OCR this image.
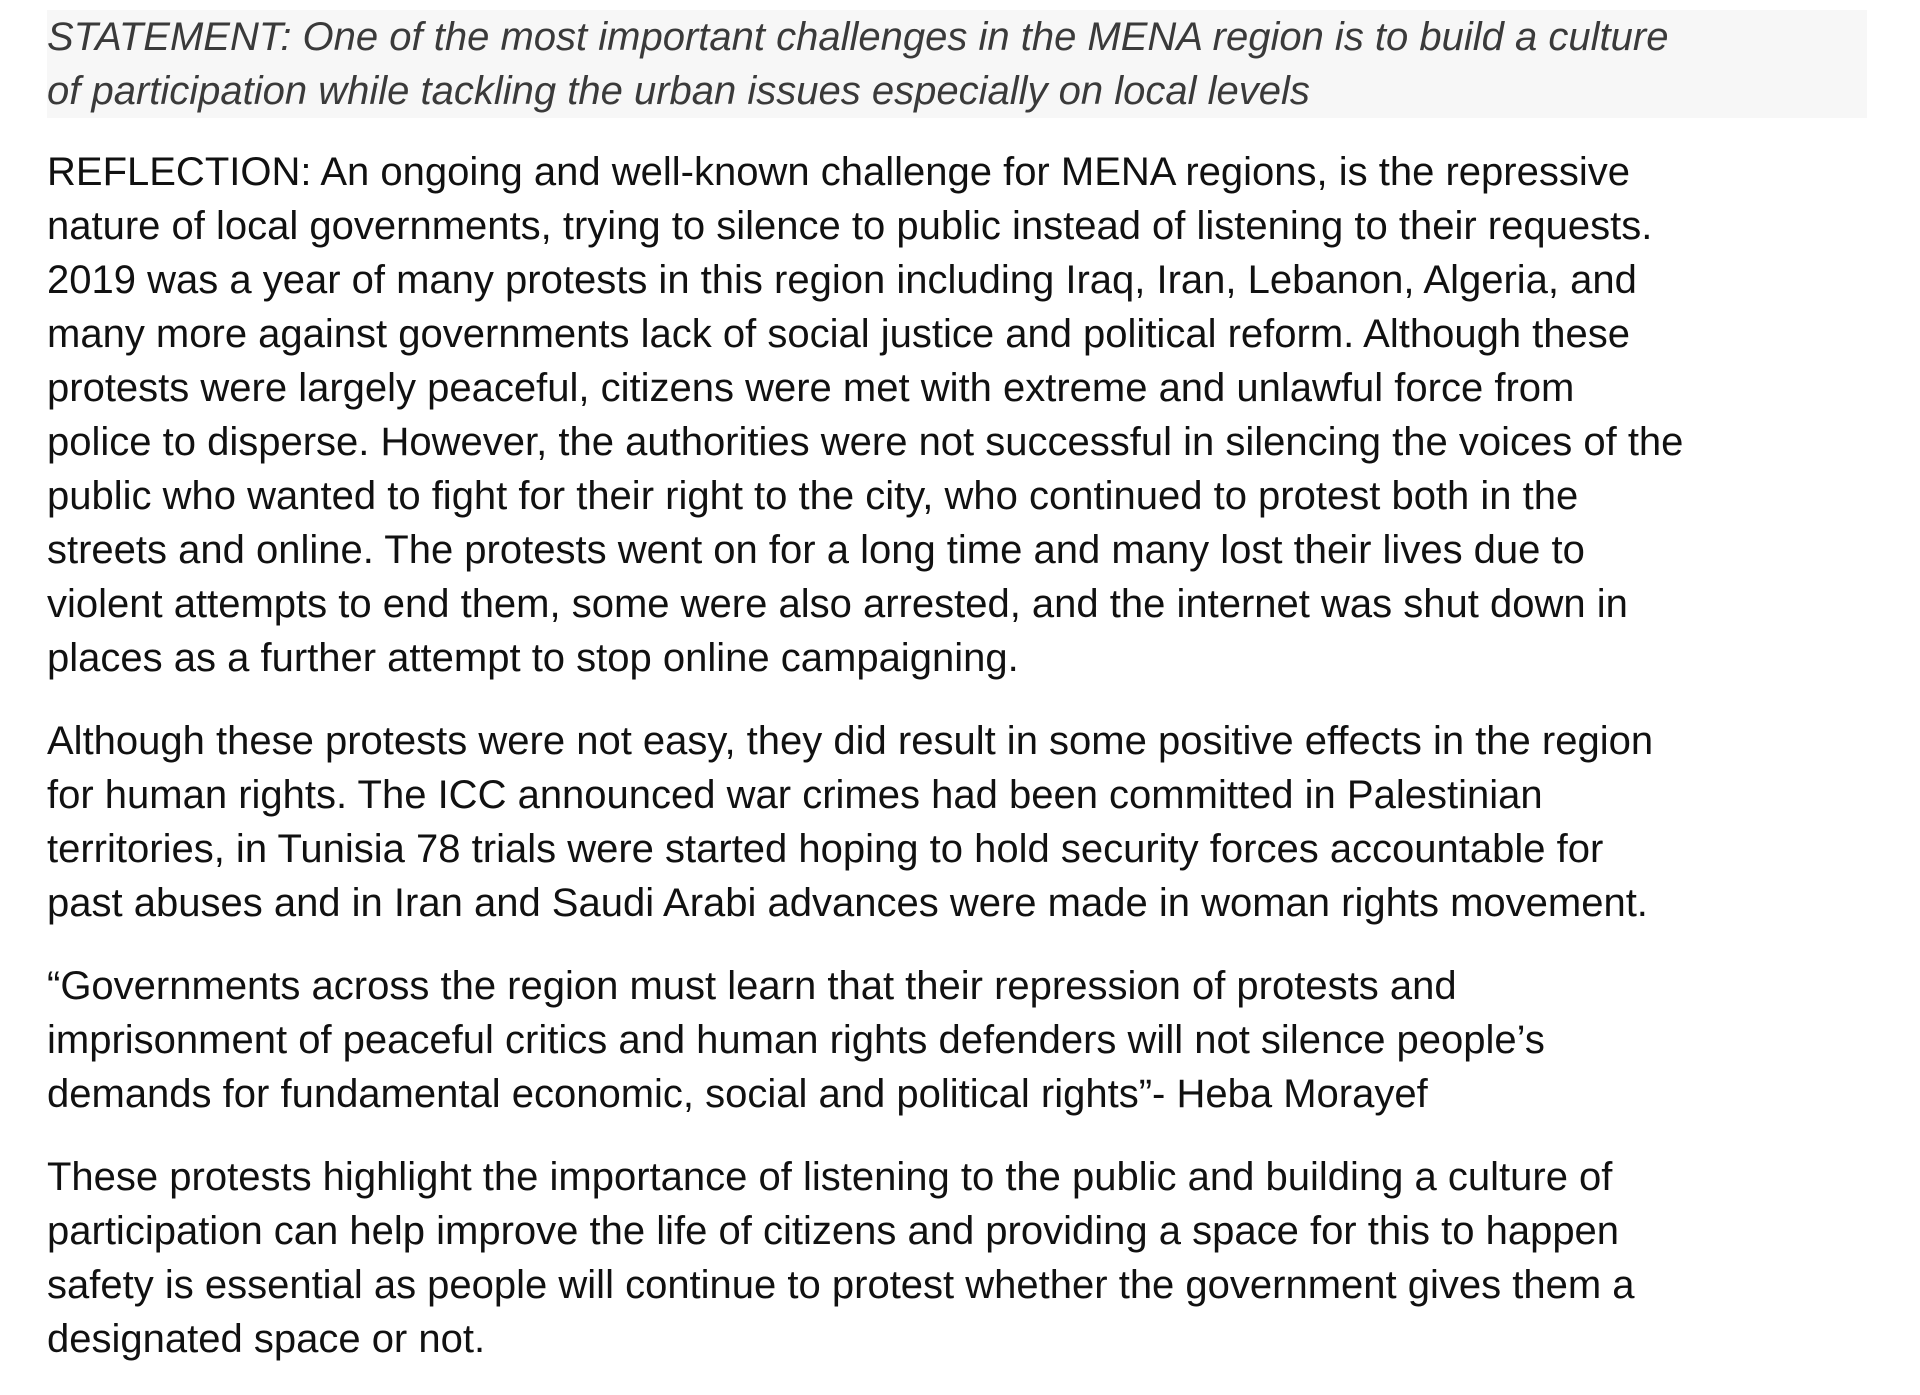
STATEMENT: One of the most important challenges in the MENA region is to build a culture
of participation while tackling the urban issues especially on local levels
REFLECTION: An ongoing and well-known challenge for MENA regions, is the repressive
nature of local governments, trying to silence to public instead of listening to their requests.
2019 was a year of many protests in this region including Iraq, Iran, Lebanon, Algeria, and
many more against governments lack of social justice and political reform. Although these
protests were largely peaceful, citizens were met with extreme and unlawful force from
police to disperse. However, the authorities were not successful in silencing the voices of the
public who wanted to fight for their right to the city, who continued to protest both in the
streets and online. The protests went on for a long time and many lost their lives due to
violent attempts to end them, some were also arrested, and the internet was shut down in
places as a further attempt to stop online campaigning.
Although these protests were not easy, they did result in some positive effects in the region
for human rights. The ICC announced war crimes had been committed in Palestinian
territories, in Tunisia 78 trials were started hoping to hold security forces accountable for
past abuses and in Iran and Saudi Arabi advances were made in woman rights movement.
“Governments across the region must learn that their repression of protests and
imprisonment of peaceful critics and human rights defenders will not silence people’s
demands for fundamental economic, social and political rights”- Heba Morayef
These protests highlight the importance of listening to the public and building a culture of
participation can help improve the life of citizens and providing a space for this to happen
safety is essential as people will continue to protest whether the government gives them a
designated space or not.
